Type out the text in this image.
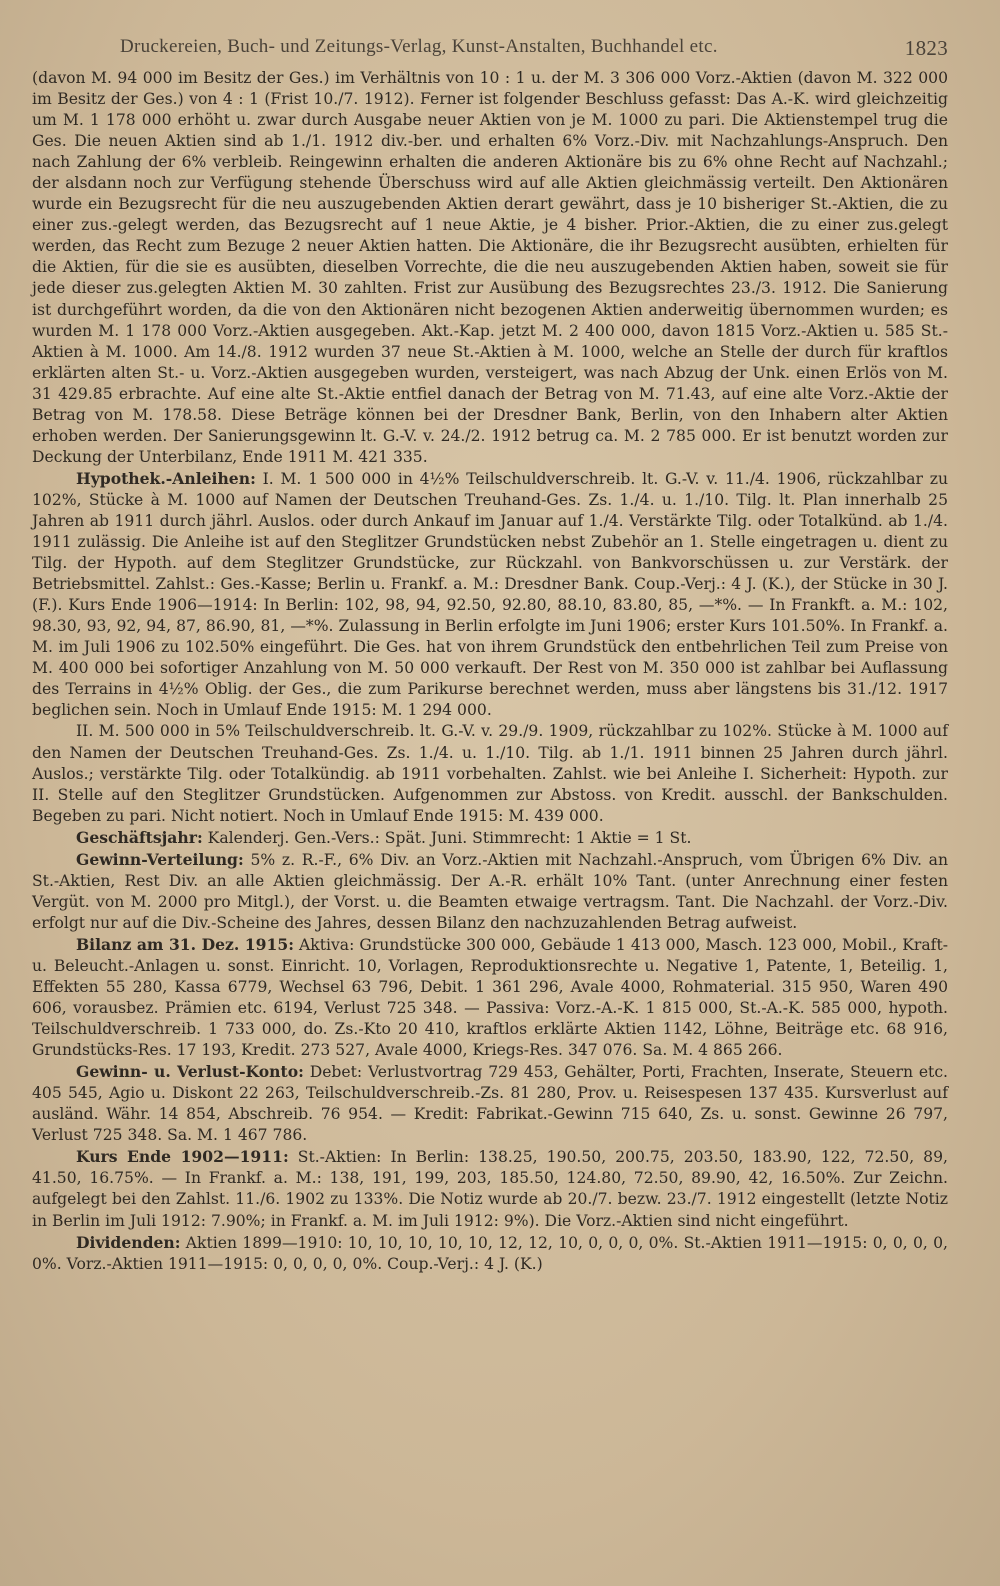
Druckereien, Buch- und Zeitungs-Verlag, Kunst-Anstalten, Buchhandel etc.	1823

(davon M. 94 000 im Besitz der Ges.) im Verhältnis von 10 : 1 u. der M. 3 306 000 Vorz.-Aktien (davon M. 322 000 im Besitz der Ges.) von 4 : 1 (Frist 10./7. 1912). Ferner ist folgender Beschluss gefasst: Das A.-K. wird gleichzeitig um M. 1 178 000 erhöht u. zwar durch Ausgabe neuer Aktien von je M. 1000 zu pari. Die Aktienstempel trug die Ges. Die neuen Aktien sind ab 1./1. 1912 div.-ber. und erhalten 6% Vorz.-Div. mit Nachzahlungs-Anspruch. Den nach Zahlung der 6% verbleib. Reingewinn erhalten die anderen Aktionäre bis zu 6% ohne Recht auf Nachzahl.; der alsdann noch zur Verfügung stehende Überschuss wird auf alle Aktien gleichmässig verteilt. Den Aktionären wurde ein Bezugsrecht für die neu auszugebenden Aktien derart gewährt, dass je 10 bisheriger St.-Aktien, die zu einer zus.-gelegt werden, das Bezugsrecht auf 1 neue Aktie, je 4 bisher. Prior.-Aktien, die zu einer zus.gelegt werden, das Recht zum Bezuge 2 neuer Aktien hatten. Die Aktionäre, die ihr Bezugsrecht ausübten, erhielten für die Aktien, für die sie es ausübten, dieselben Vorrechte, die die neu auszugebenden Aktien haben, soweit sie für jede dieser zus.gelegten Aktien M. 30 zahlten. Frist zur Ausübung des Bezugsrechtes 23./3. 1912. Die Sanierung ist durchgeführt worden, da die von den Aktionären nicht bezogenen Aktien anderweitig übernommen wurden; es wurden M. 1 178 000 Vorz.-Aktien ausgegeben. Akt.-Kap. jetzt M. 2 400 000, davon 1815 Vorz.-Aktien u. 585 St.-Aktien à M. 1000. Am 14./8. 1912 wurden 37 neue St.-Aktien à M. 1000, welche an Stelle der durch für kraftlos erklärten alten St.- u. Vorz.-Aktien ausgegeben wurden, versteigert, was nach Abzug der Unk. einen Erlös von M. 31 429.85 erbrachte. Auf eine alte St.-Aktie entfiel danach der Betrag von M. 71.43, auf eine alte Vorz.-Aktie der Betrag von M. 178.58. Diese Beträge können bei der Dresdner Bank, Berlin, von den Inhabern alter Aktien erhoben werden. Der Sanierungsgewinn lt. G.-V. v. 24./2. 1912 betrug ca. M. 2 785 000. Er ist benutzt worden zur Deckung der Unterbilanz, Ende 1911 M. 421 335.

Hypothek.-Anleihen: I. M. 1 500 000 in 4½% Teilschuldverschreib. lt. G.-V. v. 11./4. 1906, rückzahlbar zu 102%, Stücke à M. 1000 auf Namen der Deutschen Treuhand-Ges. Zs. 1./4. u. 1./10. Tilg. lt. Plan innerhalb 25 Jahren ab 1911 durch jährl. Auslos. oder durch Ankauf im Januar auf 1./4. Verstärkte Tilg. oder Totalkünd. ab 1./4. 1911 zulässig. Die Anleihe ist auf den Steglitzer Grundstücken nebst Zubehör an 1. Stelle eingetragen u. dient zu Tilg. der Hypoth. auf dem Steglitzer Grundstücke, zur Rückzahl. von Bankvorschüssen u. zur Verstärk. der Betriebsmittel. Zahlst.: Ges.-Kasse; Berlin u. Frankf. a. M.: Dresdner Bank. Coup.-Verj.: 4 J. (K.), der Stücke in 30 J. (F.). Kurs Ende 1906—1914: In Berlin: 102, 98, 94, 92.50, 92.80, 88.10, 83.80, 85, —*%. — In Frankft. a. M.: 102, 98.30, 93, 92, 94, 87, 86.90, 81, —*%. Zulassung in Berlin erfolgte im Juni 1906; erster Kurs 101.50%. In Frankf. a. M. im Juli 1906 zu 102.50% eingeführt. Die Ges. hat von ihrem Grundstück den entbehrlichen Teil zum Preise von M. 400 000 bei sofortiger Anzahlung von M. 50 000 verkauft. Der Rest von M. 350 000 ist zahlbar bei Auflassung des Terrains in 4½% Oblig. der Ges., die zum Parikurse berechnet werden, muss aber längstens bis 31./12. 1917 beglichen sein. Noch in Umlauf Ende 1915: M. 1 294 000.

II. M. 500 000 in 5% Teilschuldverschreib. lt. G.-V. v. 29./9. 1909, rückzahlbar zu 102%. Stücke à M. 1000 auf den Namen der Deutschen Treuhand-Ges. Zs. 1./4. u. 1./10. Tilg. ab 1./1. 1911 binnen 25 Jahren durch jährl. Auslos.; verstärkte Tilg. oder Totalkündig. ab 1911 vorbehalten. Zahlst. wie bei Anleihe I. Sicherheit: Hypoth. zur II. Stelle auf den Steglitzer Grundstücken. Aufgenommen zur Abstoss. von Kredit. ausschl. der Bankschulden. Begeben zu pari. Nicht notiert. Noch in Umlauf Ende 1915: M. 439 000.

Geschäftsjahr: Kalenderj. Gen.-Vers.: Spät. Juni. Stimmrecht: 1 Aktie = 1 St.

Gewinn-Verteilung: 5% z. R.-F., 6% Div. an Vorz.-Aktien mit Nachzahl.-Anspruch, vom Übrigen 6% Div. an St.-Aktien, Rest Div. an alle Aktien gleichmässig. Der A.-R. erhält 10% Tant. (unter Anrechnung einer festen Vergüt. von M. 2000 pro Mitgl.), der Vorst. u. die Beamten etwaige vertragsm. Tant. Die Nachzahl. der Vorz.-Div. erfolgt nur auf die Div.-Scheine des Jahres, dessen Bilanz den nachzuzahlenden Betrag aufweist.

Bilanz am 31. Dez. 1915: Aktiva: Grundstücke 300 000, Gebäude 1 413 000, Masch. 123 000, Mobil., Kraft- u. Beleucht.-Anlagen u. sonst. Einricht. 10, Vorlagen, Reproduktionsrechte u. Negative 1, Patente, 1, Beteilig. 1, Effekten 55 280, Kassa 6779, Wechsel 63 796, Debit. 1 361 296, Avale 4000, Rohmaterial. 315 950, Waren 490 606, vorausbez. Prämien etc. 6194, Verlust 725 348. — Passiva: Vorz.-A.-K. 1 815 000, St.-A.-K. 585 000, hypoth. Teilschuldverschreib. 1 733 000, do. Zs.-Kto 20 410, kraftlos erklärte Aktien 1142, Löhne, Beiträge etc. 68 916, Grundstücks-Res. 17 193, Kredit. 273 527, Avale 4000, Kriegs-Res. 347 076. Sa. M. 4 865 266.

Gewinn- u. Verlust-Konto: Debet: Verlustvortrag 729 453, Gehälter, Porti, Frachten, Inserate, Steuern etc. 405 545, Agio u. Diskont 22 263, Teilschuldverschreib.-Zs. 81 280, Prov. u. Reisespesen 137 435. Kursverlust auf ausländ. Währ. 14 854, Abschreib. 76 954. — Kredit: Fabrikat.-Gewinn 715 640, Zs. u. sonst. Gewinne 26 797, Verlust 725 348. Sa. M. 1 467 786.

Kurs Ende 1902—1911: St.-Aktien: In Berlin: 138.25, 190.50, 200.75, 203.50, 183.90, 122, 72.50, 89, 41.50, 16.75%. — In Frankf. a. M.: 138, 191, 199, 203, 185.50, 124.80, 72.50, 89.90, 42, 16.50%. Zur Zeichn. aufgelegt bei den Zahlst. 11./6. 1902 zu 133%. Die Notiz wurde ab 20./7. bezw. 23./7. 1912 eingestellt (letzte Notiz in Berlin im Juli 1912: 7.90%; in Frankf. a. M. im Juli 1912: 9%). Die Vorz.-Aktien sind nicht eingeführt.

Dividenden: Aktien 1899—1910: 10, 10, 10, 10, 10, 12, 12, 10, 0, 0, 0, 0%. St.-Aktien 1911—1915: 0, 0, 0, 0, 0%. Vorz.-Aktien 1911—1915: 0, 0, 0, 0, 0%. Coup.-Verj.: 4 J. (K.)
